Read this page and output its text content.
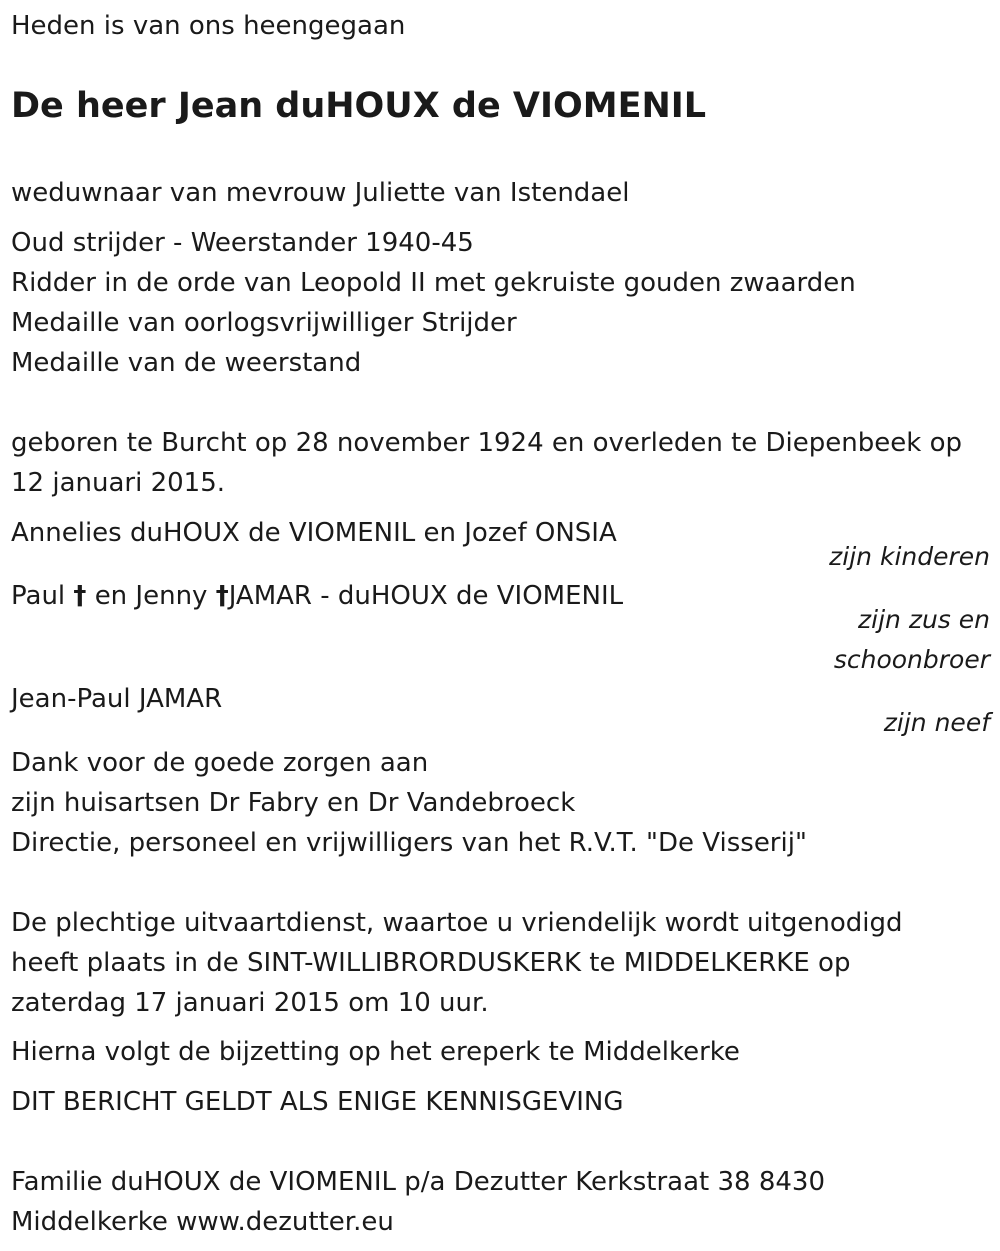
Heden is van ons heengegaan
De heer Jean duHOUX de VIOMENIL
weduwnaar van mevrouw Juliette van Istendael
Oud strijder - Weerstander 1940-45
Ridder in de orde van Leopold II met gekruiste gouden zwaarden
Medaille van oorlogsvrijwilliger Strijder
Medaille van de weerstand
geboren te Burcht op 28 november 1924 en overleden te Diepenbeek op
12 januari 2015.
Annelies duHOUX de VIOMENIL en Jozef ONSIA
zijn kinderen
Paul † en Jenny †JAMAR - duHOUX de VIOMENIL
zijn zus en
schoonbroer
Jean-Paul JAMAR
zijn neef
Dank voor de goede zorgen aan
zijn huisartsen Dr Fabry en Dr Vandebroeck
Directie, personeel en vrijwilligers van het R.V.T. "De Visserij"
De plechtige uitvaartdienst, waartoe u vriendelijk wordt uitgenodigd
heeft plaats in de SINT-WILLIBRORDUSKERK te MIDDELKERKE op
zaterdag 17 januari 2015 om 10 uur.
Hierna volgt de bijzetting op het ereperk te Middelkerke
DIT BERICHT GELDT ALS ENIGE KENNISGEVING
Familie duHOUX de VIOMENIL p/a Dezutter Kerkstraat 38 8430
Middelkerke www.dezutter.eu
